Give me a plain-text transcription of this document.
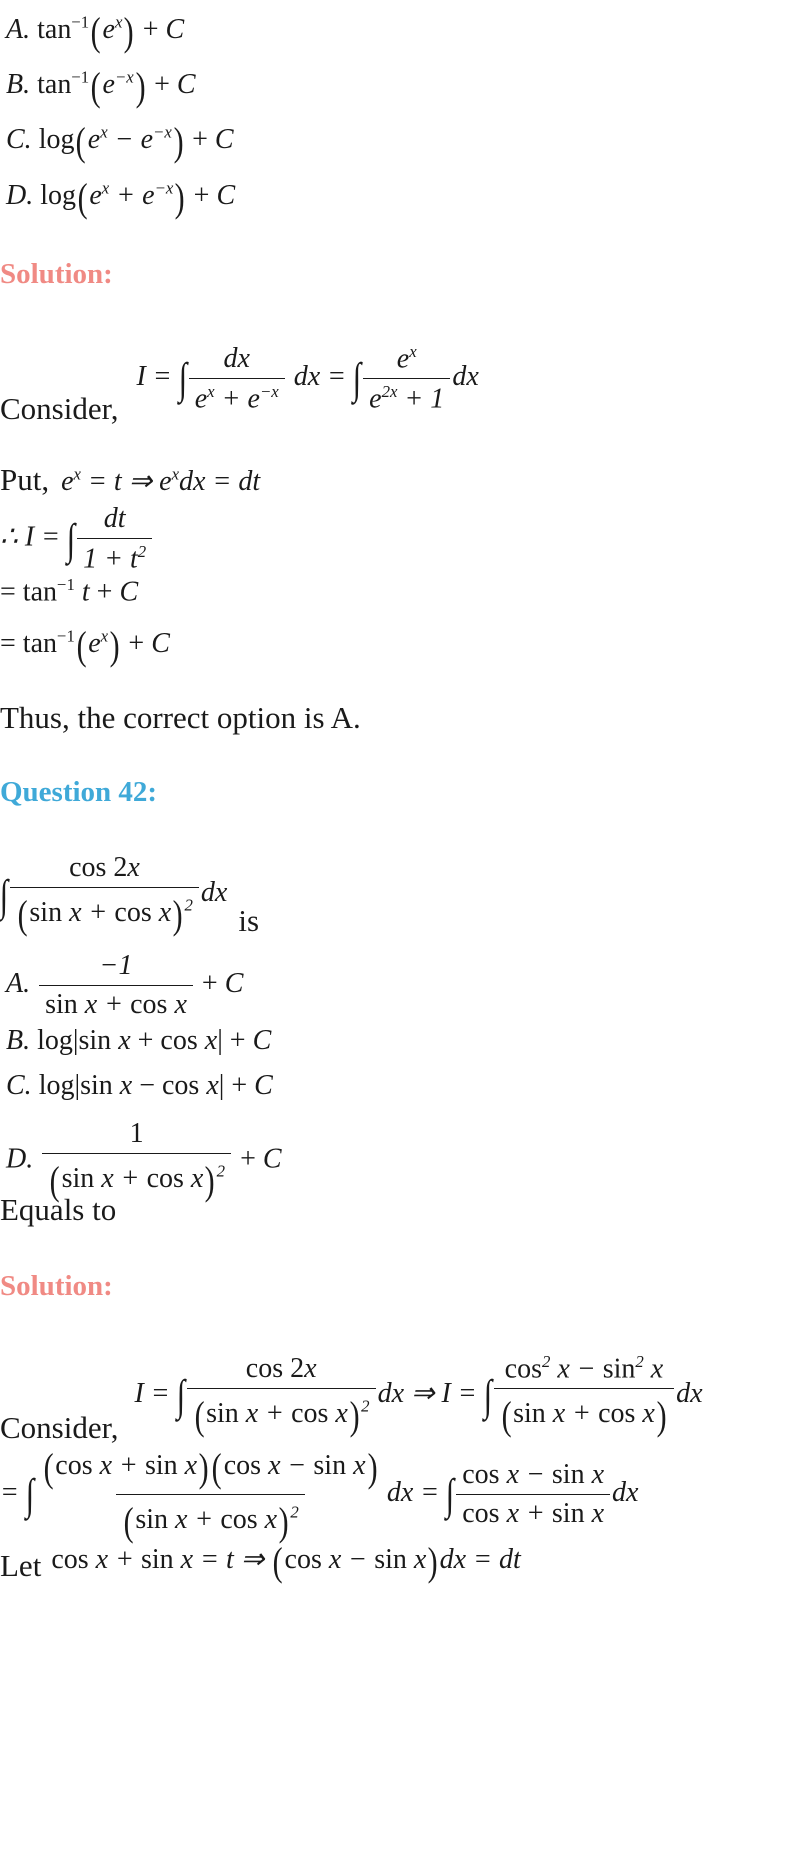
A. $\tan^{-1}(e^x) + C$
B. $\tan^{-1}(e^{-x}) + C$
C. $\log(e^x - e^{-x}) + C$
D. $\log(e^x + e^{-x}) + C$
Solution:
Consider, I = ∫ $\frac{dx}{e^x + e^{-x}}$ dx = ∫ $\frac{e^x}{e^{2x} + 1}$ dx
Put, $e^x = t$ ⇒ $e^xdx$ = dt
∴ I = ∫ $\frac{dt}{1 + t^2}$
= $\tan^{-1} t + C$
= $\tan^{-1}(e^x) + C$
Thus, the correct option is A.
Question 42:
∫ $\frac{\cos 2x}{(\sin x + \cos x)^2}$ dx is
A. $\frac{-1}{\text{sin x + cos x}} + C$
B. log|sin x + cos x| + C
C. log|sin x − cos x| + C
D. $\frac{1}{(\sin x + \cos x)^2} + C$
Equals to
Solution:
Consider, I = ∫ $\frac{\cos 2x}{(\sin x + \cos x)^2}$ dx ⇒ I = ∫ $\frac{\cos^2 x - \sin^2 x}{\text{(sin x + cos x)}}$ dx
= ∫ $\frac{\text{(cos x + sin x)(cos x − sin x)}}{(\sin x + \cos x)^2}$ dx = ∫ $\frac{\text{cos x − sin x}}{\text{cos x + sin x}}$ dx
Let cos x + sin x = t ⇒ (cos x − sin x)dx = dt
